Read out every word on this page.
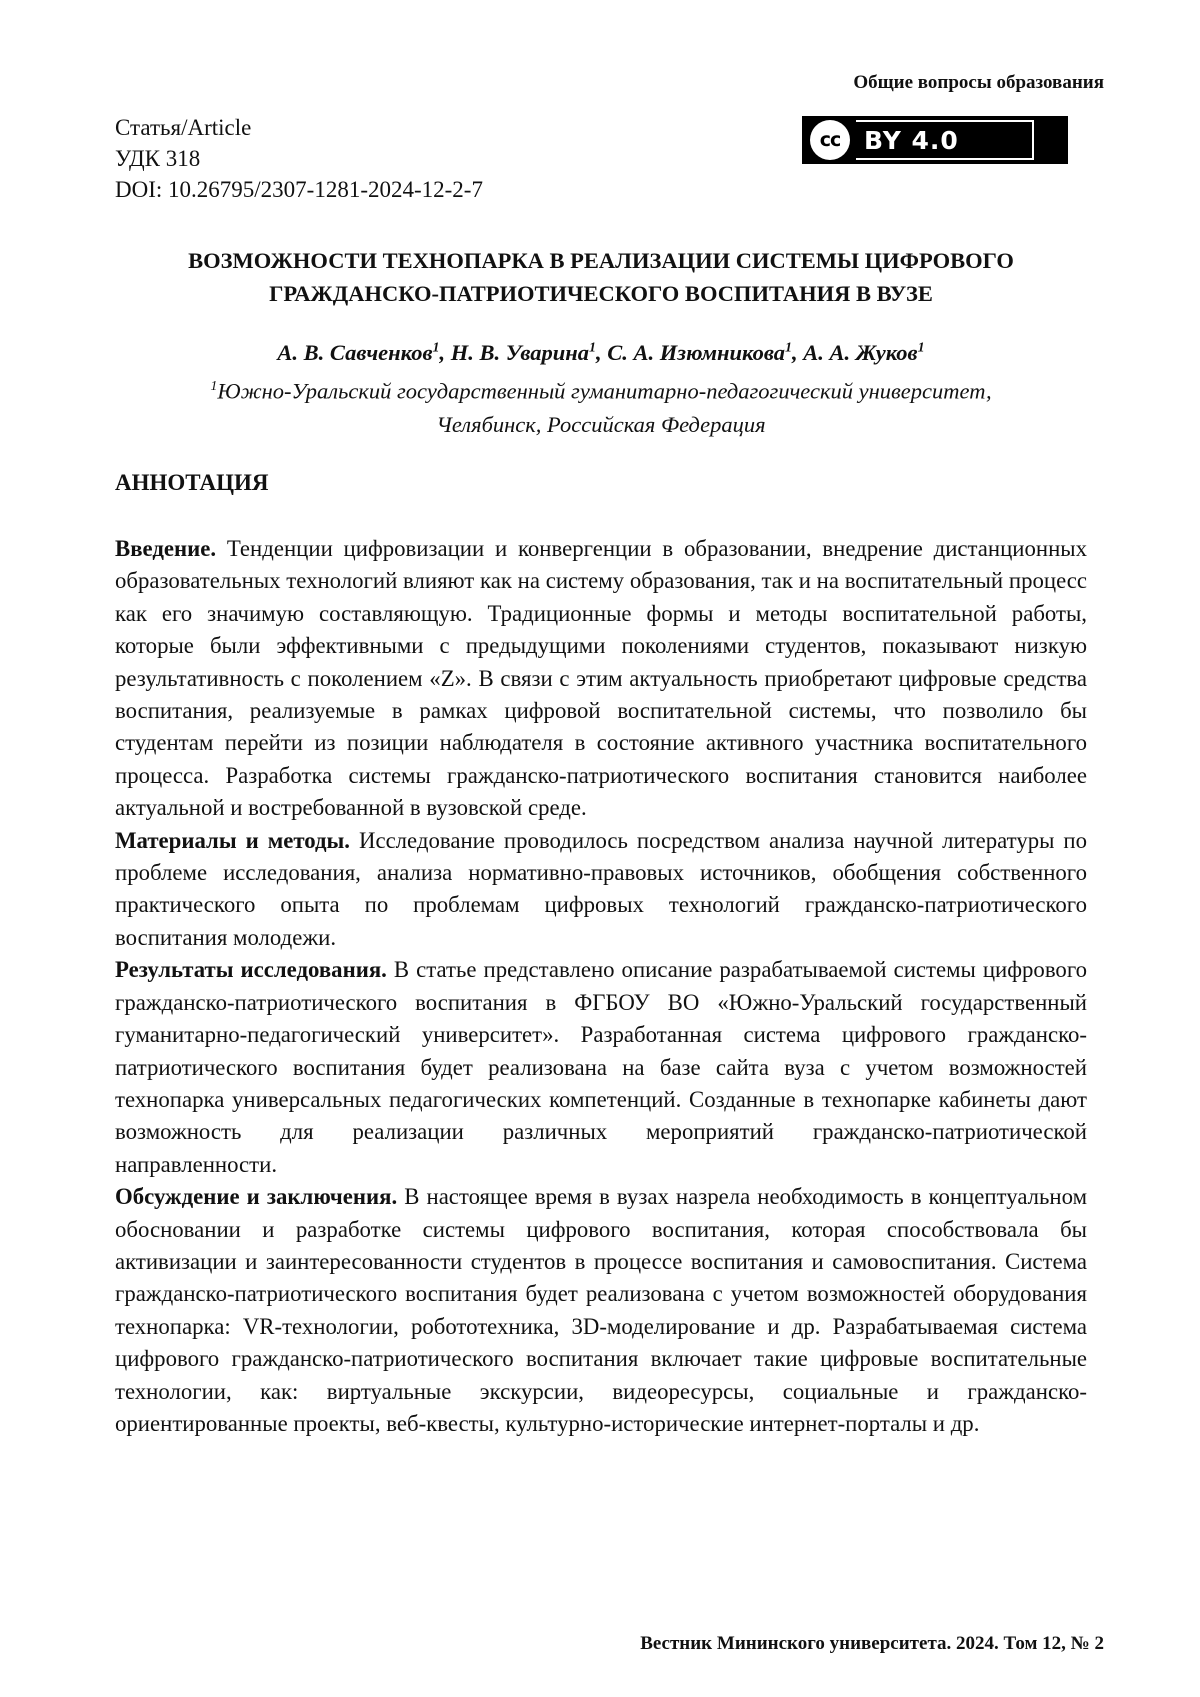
Общие вопросы образования
Статья/Article
УДК 318
DOI: 10.26795/2307-1281-2024-12-2-7
cc BY 4.0
ВОЗМОЖНОСТИ ТЕХНОПАРКА В РЕАЛИЗАЦИИ СИСТЕМЫ ЦИФРОВОГО
ГРАЖДАНСКО-ПАТРИОТИЧЕСКОГО ВОСПИТАНИЯ В ВУЗЕ
А. В. Савченков$^1$, Н. В. Уварина$^1$, С. А. Изюмникова$^1$, А. А. Жуков$^1$
$^1$Южно-Уральский государственный гуманитарно-педагогический университет,
Челябинск, Российская Федерация
АННОТАЦИЯ

Введение. Тенденции цифровизации и конвергенции в образовании, внедрение дистанционных образовательных технологий влияют как на систему образования, так и на воспитательный процесс как его значимую составляющую. Традиционные формы и методы воспитательной работы, которые были эффективными с предыдущими поколениями студентов, показывают низкую результативность с поколением «Z». В связи с этим актуальность приобретают цифровые средства воспитания, реализуемые в рамках цифровой воспитательной системы, что позволило бы студентам перейти из позиции наблюдателя в состояние активного участника воспитательного процесса. Разработка системы гражданско-патриотического воспитания становится наиболее актуальной и востребованной в вузовской среде.

Материалы и методы. Исследование проводилось посредством анализа научной литературы по проблеме исследования, анализа нормативно-правовых источников, обобщения собственного практического опыта по проблемам цифровых технологий гражданско-патриотического воспитания молодежи.

Результаты исследования. В статье представлено описание разрабатываемой системы цифрового гражданско-патриотического воспитания в ФГБОУ ВО «Южно-Уральский государственный гуманитарно-педагогический университет». Разработанная система цифрового гражданско-патриотического воспитания будет реализована на базе сайта вуза с учетом возможностей технопарка универсальных педагогических компетенций. Созданные в технопарке кабинеты дают возможность для реализации различных мероприятий гражданско-патриотической направленности.

Обсуждение и заключения. В настоящее время в вузах назрела необходимость в концептуальном обосновании и разработке системы цифрового воспитания, которая способствовала бы активизации и заинтересованности студентов в процессе воспитания и самовоспитания. Система гражданско-патриотического воспитания будет реализована с учетом возможностей оборудования технопарка: VR-технологии, робототехника, 3D-моделирование и др. Разрабатываемая система цифрового гражданско-патриотического воспитания включает такие цифровые воспитательные технологии, как: виртуальные экскурсии, видеоресурсы, социальные и гражданско-ориентированные проекты, веб-квесты, культурно-исторические интернет-порталы и др.

Вестник Мининского университета. 2024. Том 12, № 2
